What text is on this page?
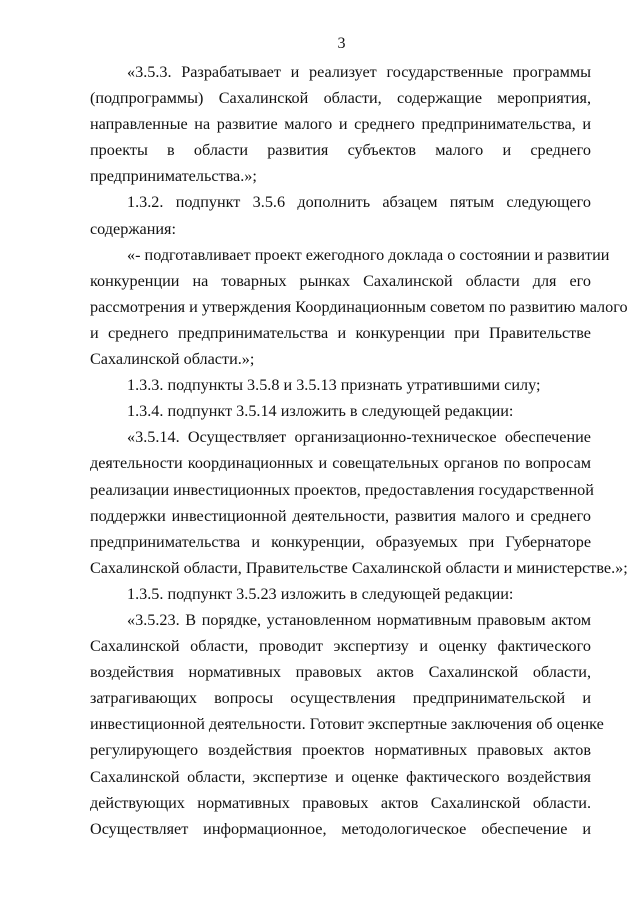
3
«3.5.3. Разрабатывает и реализует государственные программы
(подпрограммы) Сахалинской области, содержащие мероприятия,
направленные на развитие малого и среднего предпринимательства, и
проекты в области развития субъектов малого и среднего
предпринимательства.»;
1.3.2. подпункт 3.5.6 дополнить абзацем пятым следующего
содержания:
«- подготавливает проект ежегодного доклада о состоянии и развитии
конкуренции на товарных рынках Сахалинской области для его
рассмотрения и утверждения Координационным советом по развитию малого
и среднего предпринимательства и конкуренции при Правительстве
Сахалинской области.»;
1.3.3. подпункты 3.5.8 и 3.5.13 признать утратившими силу;
1.3.4. подпункт 3.5.14 изложить в следующей редакции:
«3.5.14. Осуществляет организационно-техническое обеспечение
деятельности координационных и совещательных органов по вопросам
реализации инвестиционных проектов, предоставления государственной
поддержки инвестиционной деятельности, развития малого и среднего
предпринимательства и конкуренции, образуемых при Губернаторе
Сахалинской области, Правительстве Сахалинской области и министерстве.»;
1.3.5. подпункт 3.5.23 изложить в следующей редакции:
«3.5.23. В порядке, установленном нормативным правовым актом
Сахалинской области, проводит экспертизу и оценку фактического
воздействия нормативных правовых актов Сахалинской области,
затрагивающих вопросы осуществления предпринимательской и
инвестиционной деятельности. Готовит экспертные заключения об оценке
регулирующего воздействия проектов нормативных правовых актов
Сахалинской области, экспертизе и оценке фактического воздействия
действующих нормативных правовых актов Сахалинской области.
Осуществляет информационное, методологическое обеспечение и
